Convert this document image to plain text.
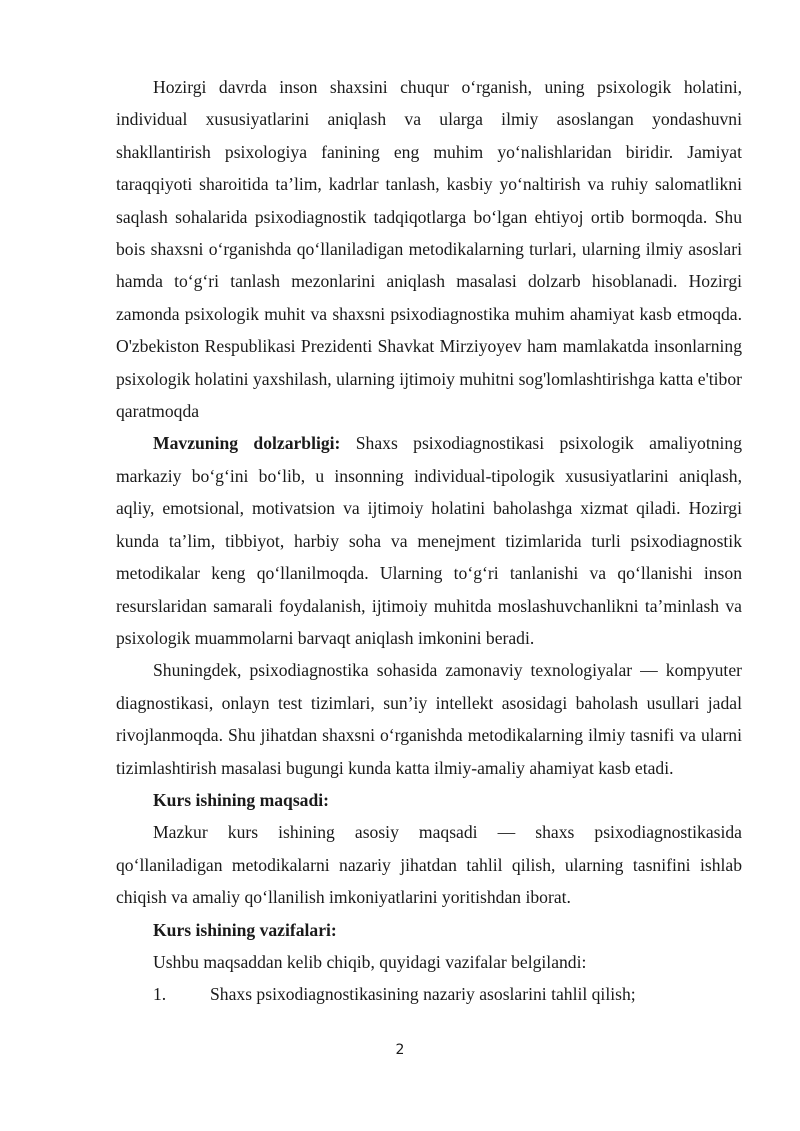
Hozirgi davrda inson shaxsini chuqur o‘rganish, uning psixologik holatini, individual xususiyatlarini aniqlash va ularga ilmiy asoslangan yondashuvni shakllantirish psixologiya fanining eng muhim yo‘nalishlaridan biridir. Jamiyat taraqqiyoti sharoitida ta’lim, kadrlar tanlash, kasbiy yo‘naltirish va ruhiy salomatlikni saqlash sohalarida psixodiagnostik tadqiqotlarga bo‘lgan ehtiyoj ortib bormoqda. Shu bois shaxsni o‘rganishda qo‘llaniladigan metodikalarning turlari, ularning ilmiy asoslari hamda to‘g‘ri tanlash mezonlarini aniqlash masalasi dolzarb hisoblanadi. Hozirgi zamonda psixologik muhit va shaxsni psixodiagnostika muhim ahamiyat kasb etmoqda. O'zbekiston Respublikasi Prezidenti Shavkat Mirziyoyev ham mamlakatda insonlarning psixologik holatini yaxshilash, ularning ijtimoiy muhitni sog'lomlashtirishga katta e'tibor qaratmoqda

Mavzuning dolzarbligi: Shaxs psixodiagnostikasi psixologik amaliyotning markaziy bo‘g‘ini bo‘lib, u insonning individual-tipologik xususiyatlarini aniqlash, aqliy, emotsional, motivatsion va ijtimoiy holatini baholashga xizmat qiladi. Hozirgi kunda ta’lim, tibbiyot, harbiy soha va menejment tizimlarida turli psixodiagnostik metodikalar keng qo‘llanilmoqda. Ularning to‘g‘ri tanlanishi va qo‘llanishi inson resurslaridan samarali foydalanish, ijtimoiy muhitda moslashuvchanlikni ta’minlash va psixologik muammolarni barvaqt aniqlash imkonini beradi.

Shuningdek, psixodiagnostika sohasida zamonaviy texnologiyalar — kompyuter diagnostikasi, onlayn test tizimlari, sun’iy intellekt asosidagi baholash usullari jadal rivojlanmoqda. Shu jihatdan shaxsni o‘rganishda metodikalarning ilmiy tasnifi va ularni tizimlashtirish masalasi bugungi kunda katta ilmiy-amaliy ahamiyat kasb etadi.

Kurs ishining maqsadi:

Mazkur kurs ishining asosiy maqsadi — shaxs psixodiagnostikasida qo‘llaniladigan metodikalarni nazariy jihatdan tahlil qilish, ularning tasnifini ishlab chiqish va amaliy qo‘llanilish imkoniyatlarini yoritishdan iborat.

Kurs ishining vazifalari:

Ushbu maqsaddan kelib chiqib, quyidagi vazifalar belgilandi:

1.	Shaxs psixodiagnostikasining nazariy asoslarini tahlil qilish;
2
